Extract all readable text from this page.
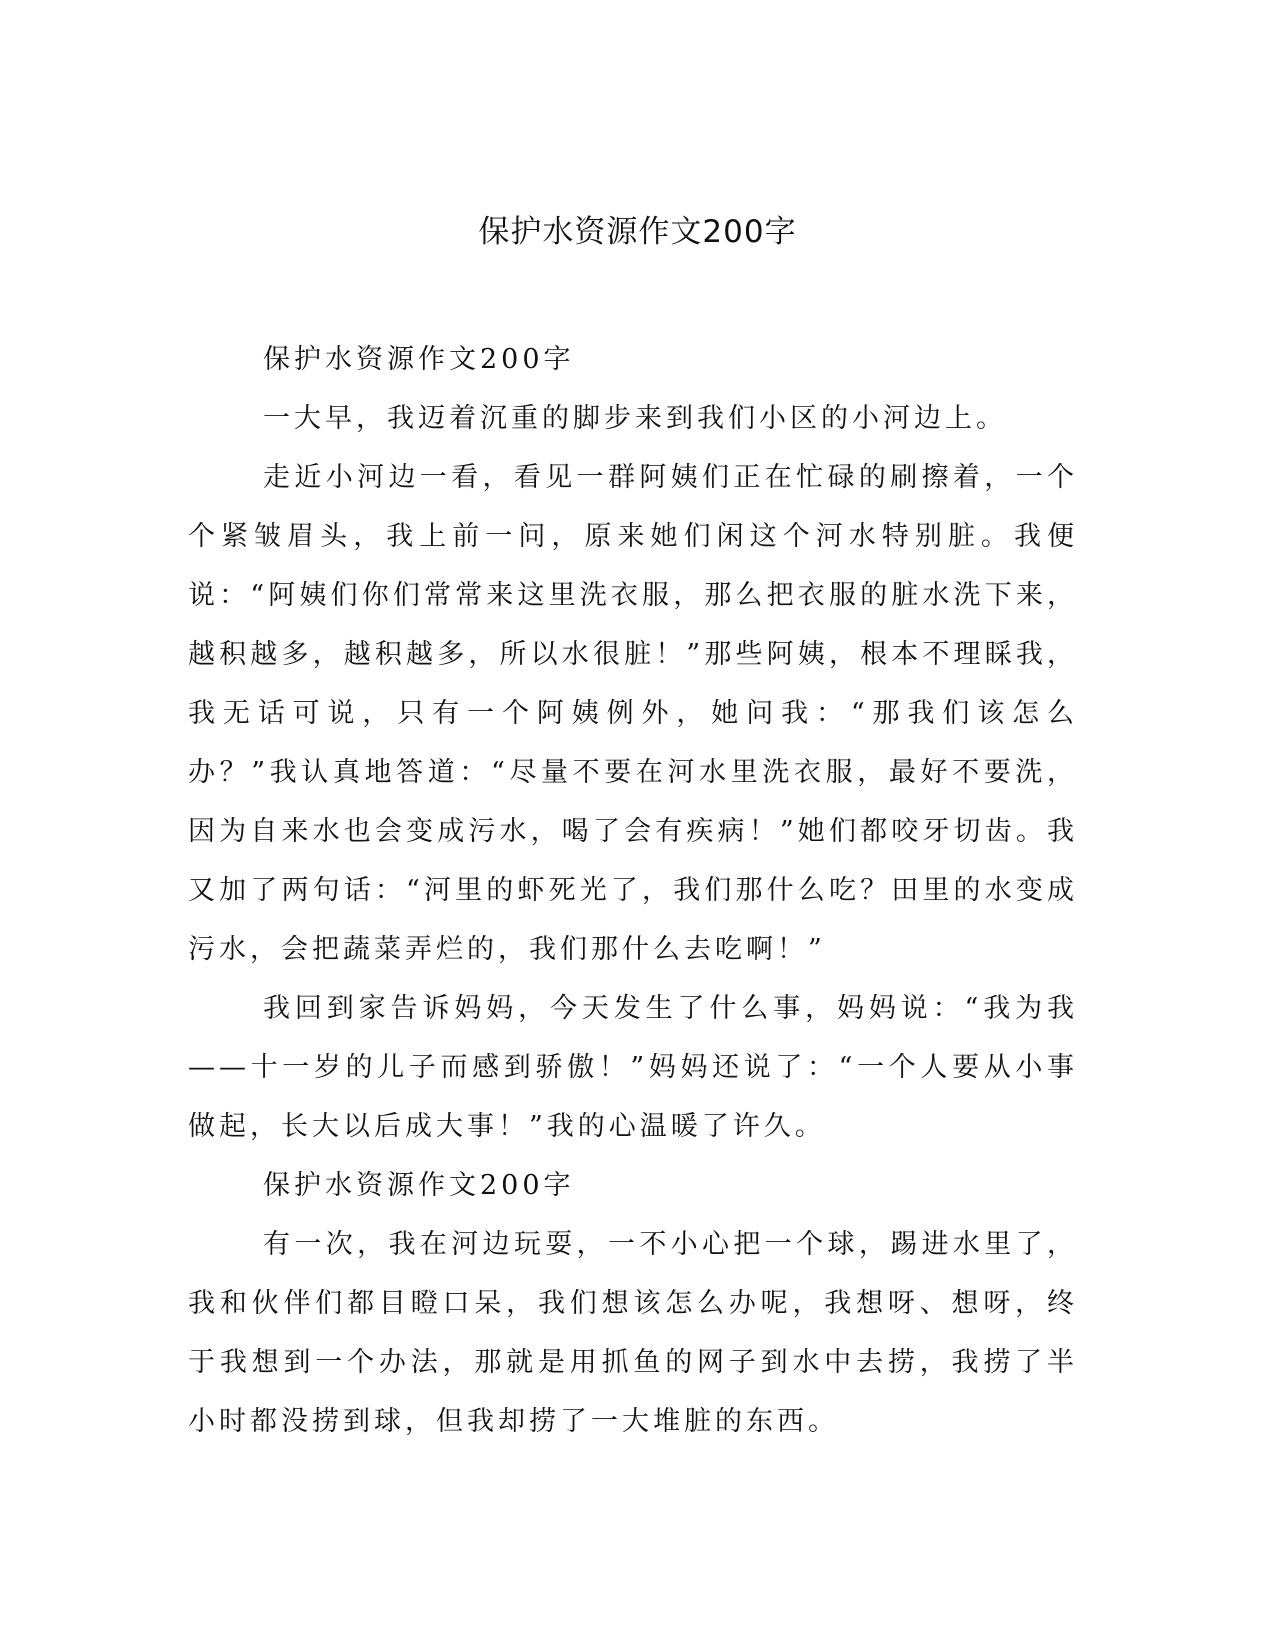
保护水资源作文200字

保护水资源作文200字

一大早，我迈着沉重的脚步来到我们小区的小河边上。

走近小河边一看，看见一群阿姨们正在忙碌的刷擦着，一个个紧皱眉头，我上前一问，原来她们闲这个河水特别脏。我便说：“阿姨们你们常常来这里洗衣服，那么把衣服的脏水洗下来，越积越多，越积越多，所以水很脏！”那些阿姨，根本不理睬我，我无话可说，只有一个阿姨例外，她问我：“那我们该怎么办？”我认真地答道：“尽量不要在河水里洗衣服，最好不要洗，因为自来水也会变成污水，喝了会有疾病！”她们都咬牙切齿。我又加了两句话：“河里的虾死光了，我们那什么吃？田里的水变成污水，会把蔬菜弄烂的，我们那什么去吃啊！”

我回到家告诉妈妈，今天发生了什么事，妈妈说：“我为我——十一岁的儿子而感到骄傲！”妈妈还说了：“一个人要从小事做起，长大以后成大事！”我的心温暖了许久。

保护水资源作文200字

有一次，我在河边玩耍，一不小心把一个球，踢进水里了，我和伙伴们都目瞪口呆，我们想该怎么办呢，我想呀、想呀，终于我想到一个办法，那就是用抓鱼的网子到水中去捞，我捞了半小时都没捞到球，但我却捞了一大堆脏的东西。
